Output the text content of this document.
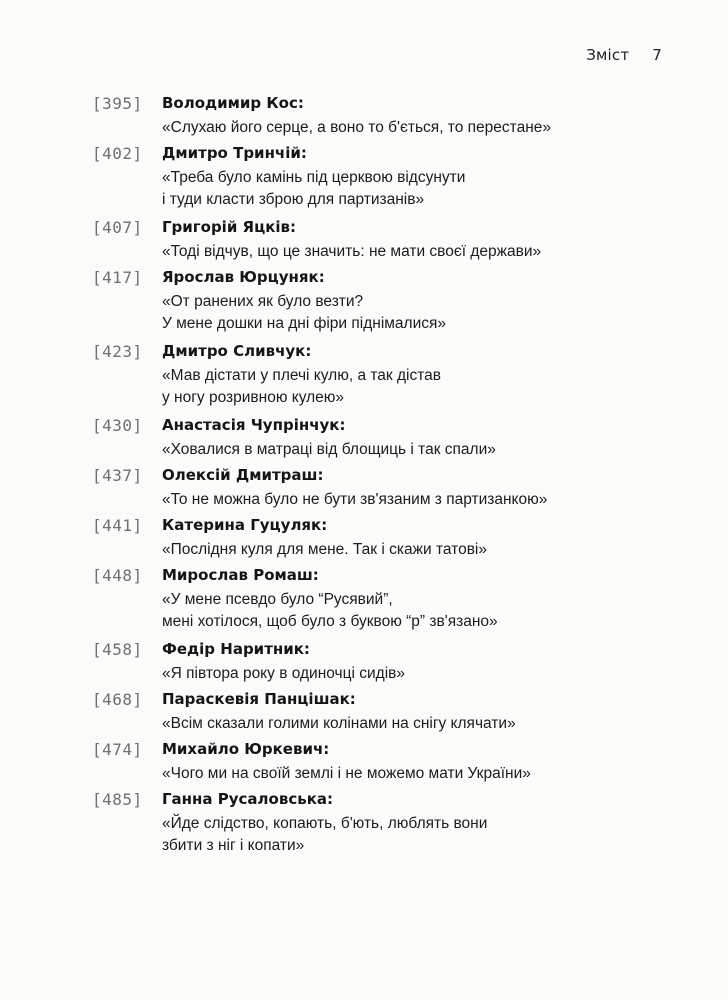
Зміст 7
[395]	Володимир Кос:

«Слухаю його серце, а воно то б'ється, то перестане»

[402]	Дмитро Тринчій:

«Треба було камінь під церквою відсунути
і туди класти зброю для партизанів»

[407]	Григорій Яцків:

«Тоді відчув, що це значить: не мати своєї держави»

[417]	Ярослав Юрцуняк:

«От ранених як було везти?
У мене дошки на дні фіри піднімалися»

[423]	Дмитро Сливчук:

«Мав дістати у плечі кулю, а так дістав
у ногу розривною кулею»

[430]	Анастасія Чупрінчук:

«Ховалися в матраці від блощиць і так спали»

[437]	Олексій Дмитраш:

«То не можна було не бути зв'язаним з партизанкою»

[441]	Катерина Гуцуляк:

«Послідня куля для мене. Так і скажи татові»

[448]	Мирослав Ромаш:

«У мене псевдо було “Русявий”,
мені хотілося, щоб було з буквою “р” зв'язано»

[458]	Федір Наритник:

«Я півтора року в одиночці сидів»

[468]	Параскевія Панцішак:

«Всім сказали голими колінами на снігу клячати»

[474]	Михайло Юркевич:

«Чого ми на своїй землі і не можемо мати України»

[485]	Ганна Русаловська:

«Йде слідство, копають, б'ють, люблять вони
збити з ніг і копати»
